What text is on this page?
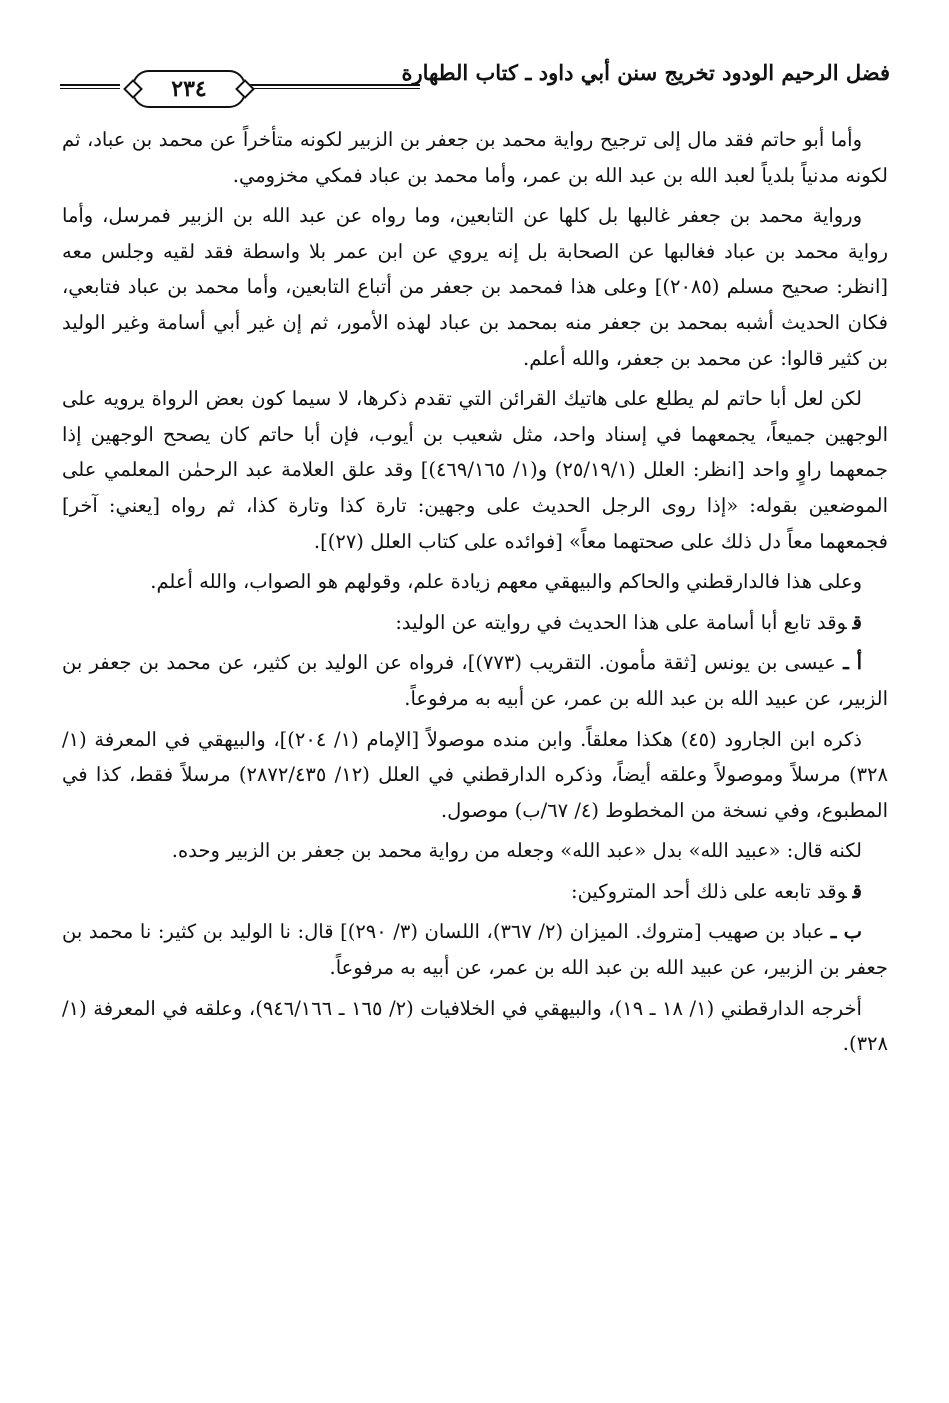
فضل الرحيم الودود تخريج سنن أبي داود ـ كتاب الطهارة
٢٣٤

وأما أبو حاتم فقد مال إلى ترجيح رواية محمد بن جعفر بن الزبير لكونه متأخراً عن محمد بن عباد، ثم لكونه مدنياً بلدياً لعبد الله بن عبد الله بن عمر، وأما محمد بن عباد فمكي مخزومي.

ورواية محمد بن جعفر غالبها بل كلها عن التابعين، وما رواه عن عبد الله بن الزبير فمرسل، وأما رواية محمد بن عباد فغالبها عن الصحابة بل إنه يروي عن ابن عمر بلا واسطة فقد لقيه وجلس معه [انظر: صحيح مسلم (٢٠٨٥)] وعلى هذا فمحمد بن جعفر من أتباع التابعين، وأما محمد بن عباد فتابعي، فكان الحديث أشبه بمحمد بن جعفر منه بمحمد بن عباد لهذه الأمور، ثم إن غير أبي أسامة وغير الوليد بن كثير قالوا: عن محمد بن جعفر، والله أعلم.

لكن لعل أبا حاتم لم يطلع على هاتيك القرائن التي تقدم ذكرها، لا سيما كون بعض الرواة يرويه على الوجهين جميعاً، يجمعهما في إسناد واحد، مثل شعيب بن أيوب، فإن أبا حاتم كان يصحح الوجهين إذا جمعهما راوٍ واحد [انظر: العلل (٢٥/١٩/١) و(١/ ٤٦٩/١٦٥)] وقد علق العلامة عبد الرحمٰن المعلمي على الموضعين بقوله: «إذا روى الرجل الحديث على وجهين: تارة كذا وتارة كذا، ثم رواه [يعني: آخر] فجمعهما معاً دل ذلك على صحتهما معاً» [فوائده على كتاب العلل (٢٧)].

وعلى هذا فالدارقطني والحاكم والبيهقي معهم زيادة علم، وقولهم هو الصواب، والله أعلم.

قوقد تابع أبا أسامة على هذا الحديث في روايته عن الوليد:

أ ـ عيسى بن يونس [ثقة مأمون. التقريب (٧٧٣)]، فرواه عن الوليد بن كثير، عن محمد بن جعفر بن الزبير، عن عبيد الله بن عبد الله بن عمر، عن أبيه به مرفوعاً.

ذكره ابن الجارود (٤٥) هكذا معلقاً. وابن منده موصولاً [الإمام (١/ ٢٠٤)]، والبيهقي في المعرفة (١/ ٣٢٨) مرسلاً وموصولاً وعلقه أيضاً، وذكره الدارقطني في العلل (١٢/ ٢٨٧٢/٤٣٥) مرسلاً فقط، كذا في المطبوع، وفي نسخة من المخطوط (٤/ ٦٧/ب) موصول.

لكنه قال: «عبيد الله» بدل «عبد الله» وجعله من رواية محمد بن جعفر بن الزبير وحده.

قوقد تابعه على ذلك أحد المتروكين:

ب ـ عباد بن صهيب [متروك. الميزان (٢/ ٣٦٧)، اللسان (٣/ ٢٩٠)] قال: نا الوليد بن كثير: نا محمد بن جعفر بن الزبير، عن عبيد الله بن عبد الله بن عمر، عن أبيه به مرفوعاً.

أخرجه الدارقطني (١/ ١٨ ـ ١٩)، والبيهقي في الخلافيات (٢/ ١٦٥ ـ ٩٤٦/١٦٦)، وعلقه في المعرفة (١/ ٣٢٨).
